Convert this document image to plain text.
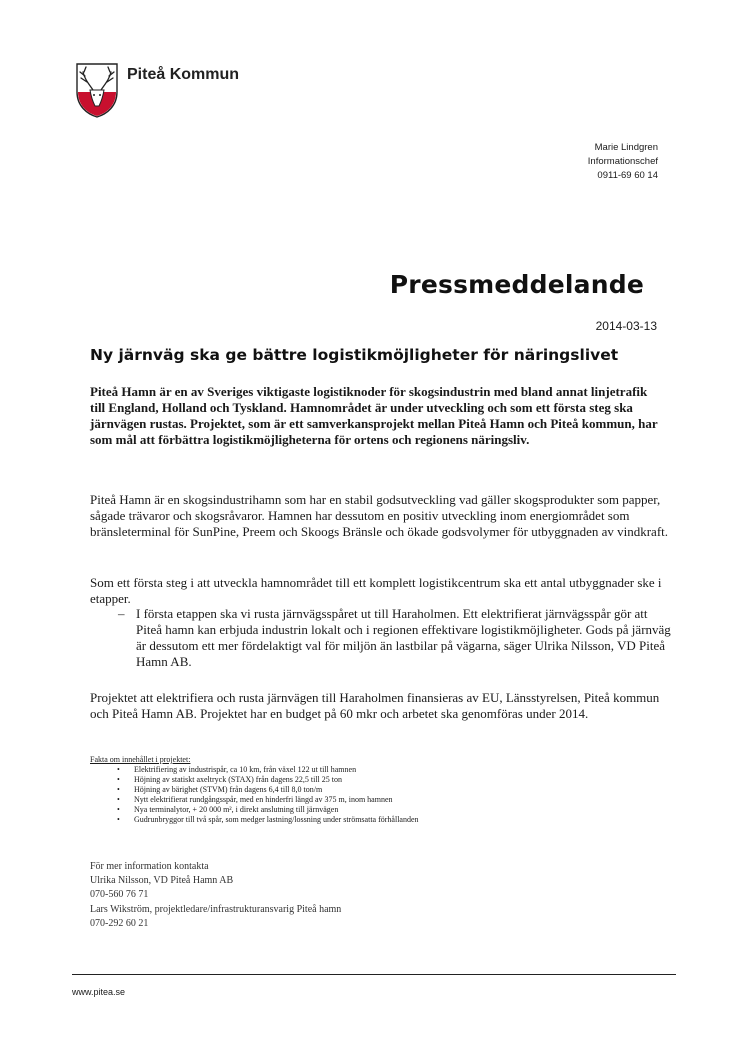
Piteå Kommun
Marie Lindgren
Informationschef
0911-69 60 14
Pressmeddelande
2014-03-13
Ny järnväg ska ge bättre logistikmöjligheter för näringslivet
Piteå Hamn är en av Sveriges viktigaste logistiknoder för skogsindustrin med bland annat linjetrafik till England, Holland och Tyskland. Hamnområdet är under utveckling och som ett första steg ska järnvägen rustas. Projektet, som är ett samverkansprojekt mellan Piteå Hamn och Piteå kommun, har som mål att förbättra logistikmöjligheterna för ortens och regionens näringsliv.
Piteå Hamn är en skogsindustrihamn som har en stabil godsutveckling vad gäller skogsprodukter som papper, sågade trävaror och skogsråvaror. Hamnen har dessutom en positiv utveckling inom energiområdet som bränsleterminal för SunPine, Preem och Skoogs Bränsle och ökade godsvolymer för utbyggnaden av vindkraft.
Som ett första steg i att utveckla hamnområdet till ett komplett logistikcentrum ska ett antal utbyggnader ske i etapper.
– I första etappen ska vi rusta järnvägsspåret ut till Haraholmen. Ett elektrifierat järnvägsspår gör att Piteå hamn kan erbjuda industrin lokalt och i regionen effektivare logistikmöjligheter. Gods på järnväg är dessutom ett mer fördelaktigt val för miljön än lastbilar på vägarna, säger Ulrika Nilsson, VD Piteå Hamn AB.
Projektet att elektrifiera och rusta järnvägen till Haraholmen finansieras av EU, Länsstyrelsen, Piteå kommun och Piteå Hamn AB. Projektet har en budget på 60 mkr och arbetet ska genomföras under 2014.
Fakta om innehållet i projektet:
• Elektrifiering av industrispår, ca 10 km, från växel 122 ut till hamnen
• Höjning av statiskt axeltryck (STAX) från dagens 22,5 till 25 ton
• Höjning av bärighet (STVM) från dagens 6,4 till 8,0 ton/m
• Nytt elektrifierat rundgångsspår, med en hinderfri längd av 375 m, inom hamnen
• Nya terminalytor, + 20 000 m², i direkt anslutning till järnvägen
• Gudrunbryggor till två spår, som medger lastning/lossning under strömsatta förhållanden
För mer information kontakta
Ulrika Nilsson, VD Piteå Hamn AB
070-560 76 71
Lars Wikström, projektledare/infrastrukturansvarig Piteå hamn
070-292 60 21
www.pitea.se
